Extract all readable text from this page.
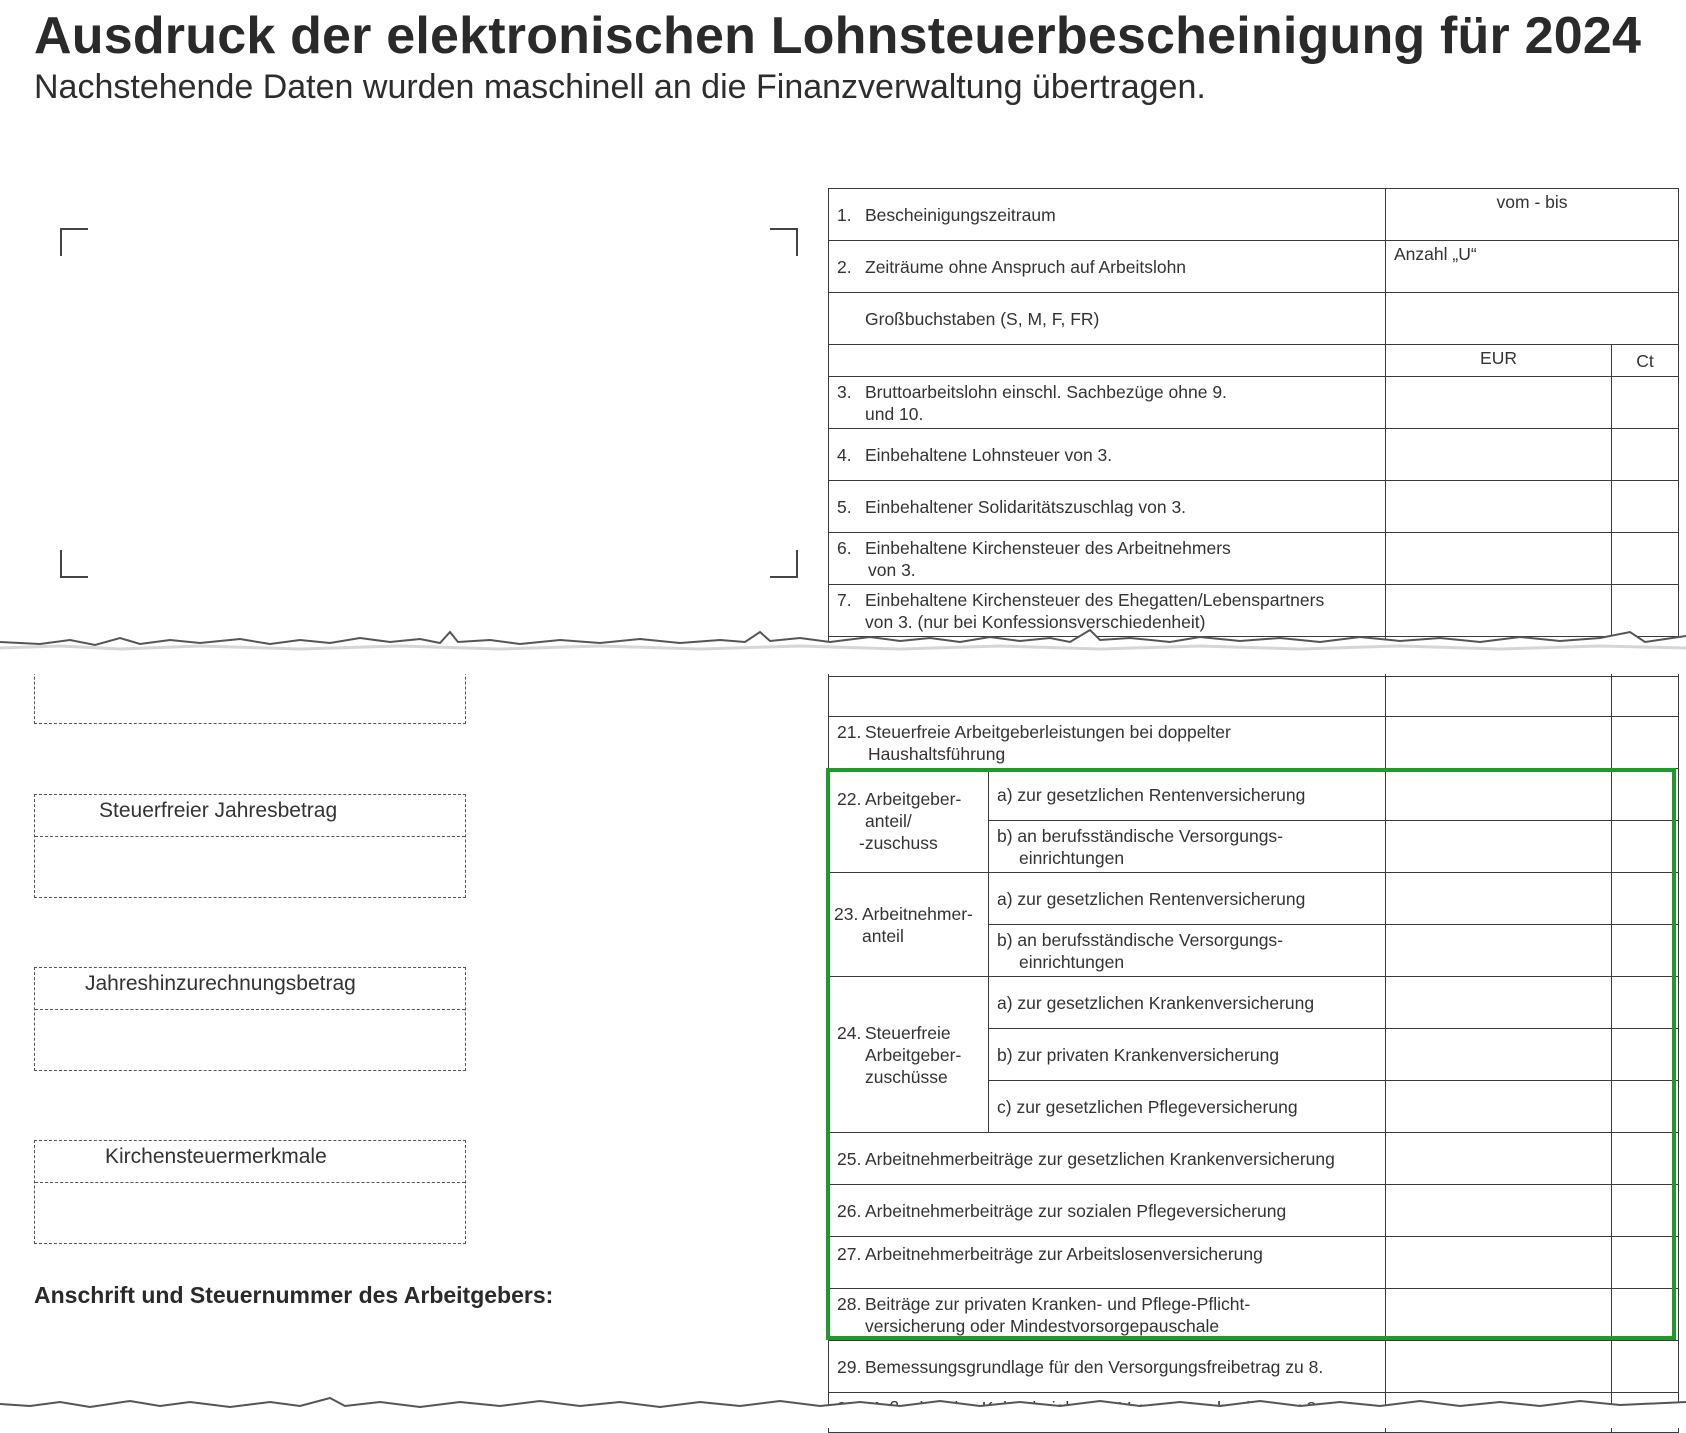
Ausdruck der elektronischen Lohnsteuerbescheinigung für 2024
Nachstehende Daten wurden maschinell an die Finanzverwaltung übertragen.
1. Bescheinigungszeitraum	vom - bis	
2. Zeiträume ohne Anspruch auf Arbeitslohn	Anzahl „U“	

Großbuchstaben (S, M, F, FR)		

	EUR	Ct
3. Bruttoarbeitslohn einschl. Sachbezüge ohne 9.
und 10.		

4. Einbehaltene Lohnsteuer von 3.		
5. Einbehaltener Solidaritätszuschlag von 3.		
6. Einbehaltene Kirchensteuer des Arbeitnehmers
von 3.		

7. Einbehaltene Kirchensteuer des Ehegatten/Lebenspartners
von 3. (nur bei Konfessionsverschiedenheit)		

21. Steuerfreie Arbeitgeberleistungen bei doppelter
Haushaltsführung			

22. Arbeitgeber-
anteil/
-zuschuss	a) zur gesetzlichen Rentenversicherung		
	b) an berufsständische Versorgungs-
einrichtungen		

23. Arbeitnehmer-
anteil	a) zur gesetzlichen Rentenversicherung		
	b) an berufsständische Versorgungs-
einrichtungen		

24. Steuerfreie
Arbeitgeber-
zuschüsse	a) zur gesetzlichen Krankenversicherung		
	b) zur privaten Krankenversicherung		
	c) zur gesetzlichen Pflegeversicherung		
25. Arbeitnehmerbeiträge zur gesetzlichen Krankenversicherung			
26. Arbeitnehmerbeiträge zur sozialen Pflegeversicherung			
27. Arbeitnehmerbeiträge zur Arbeitslosenversicherung			
28. Beiträge zur privaten Kranken- und Pflege-Pflicht-
versicherung oder Mindestvorsorgepauschale			

29. Bemessungsgrundlage für den Versorgungsfreibetrag zu 8.			

Steuerfreier Jahresbetrag
Jahreshinzurechnungsbetrag
Kirchensteuermerkmale
Anschrift und Steuernummer des Arbeitgebers:
